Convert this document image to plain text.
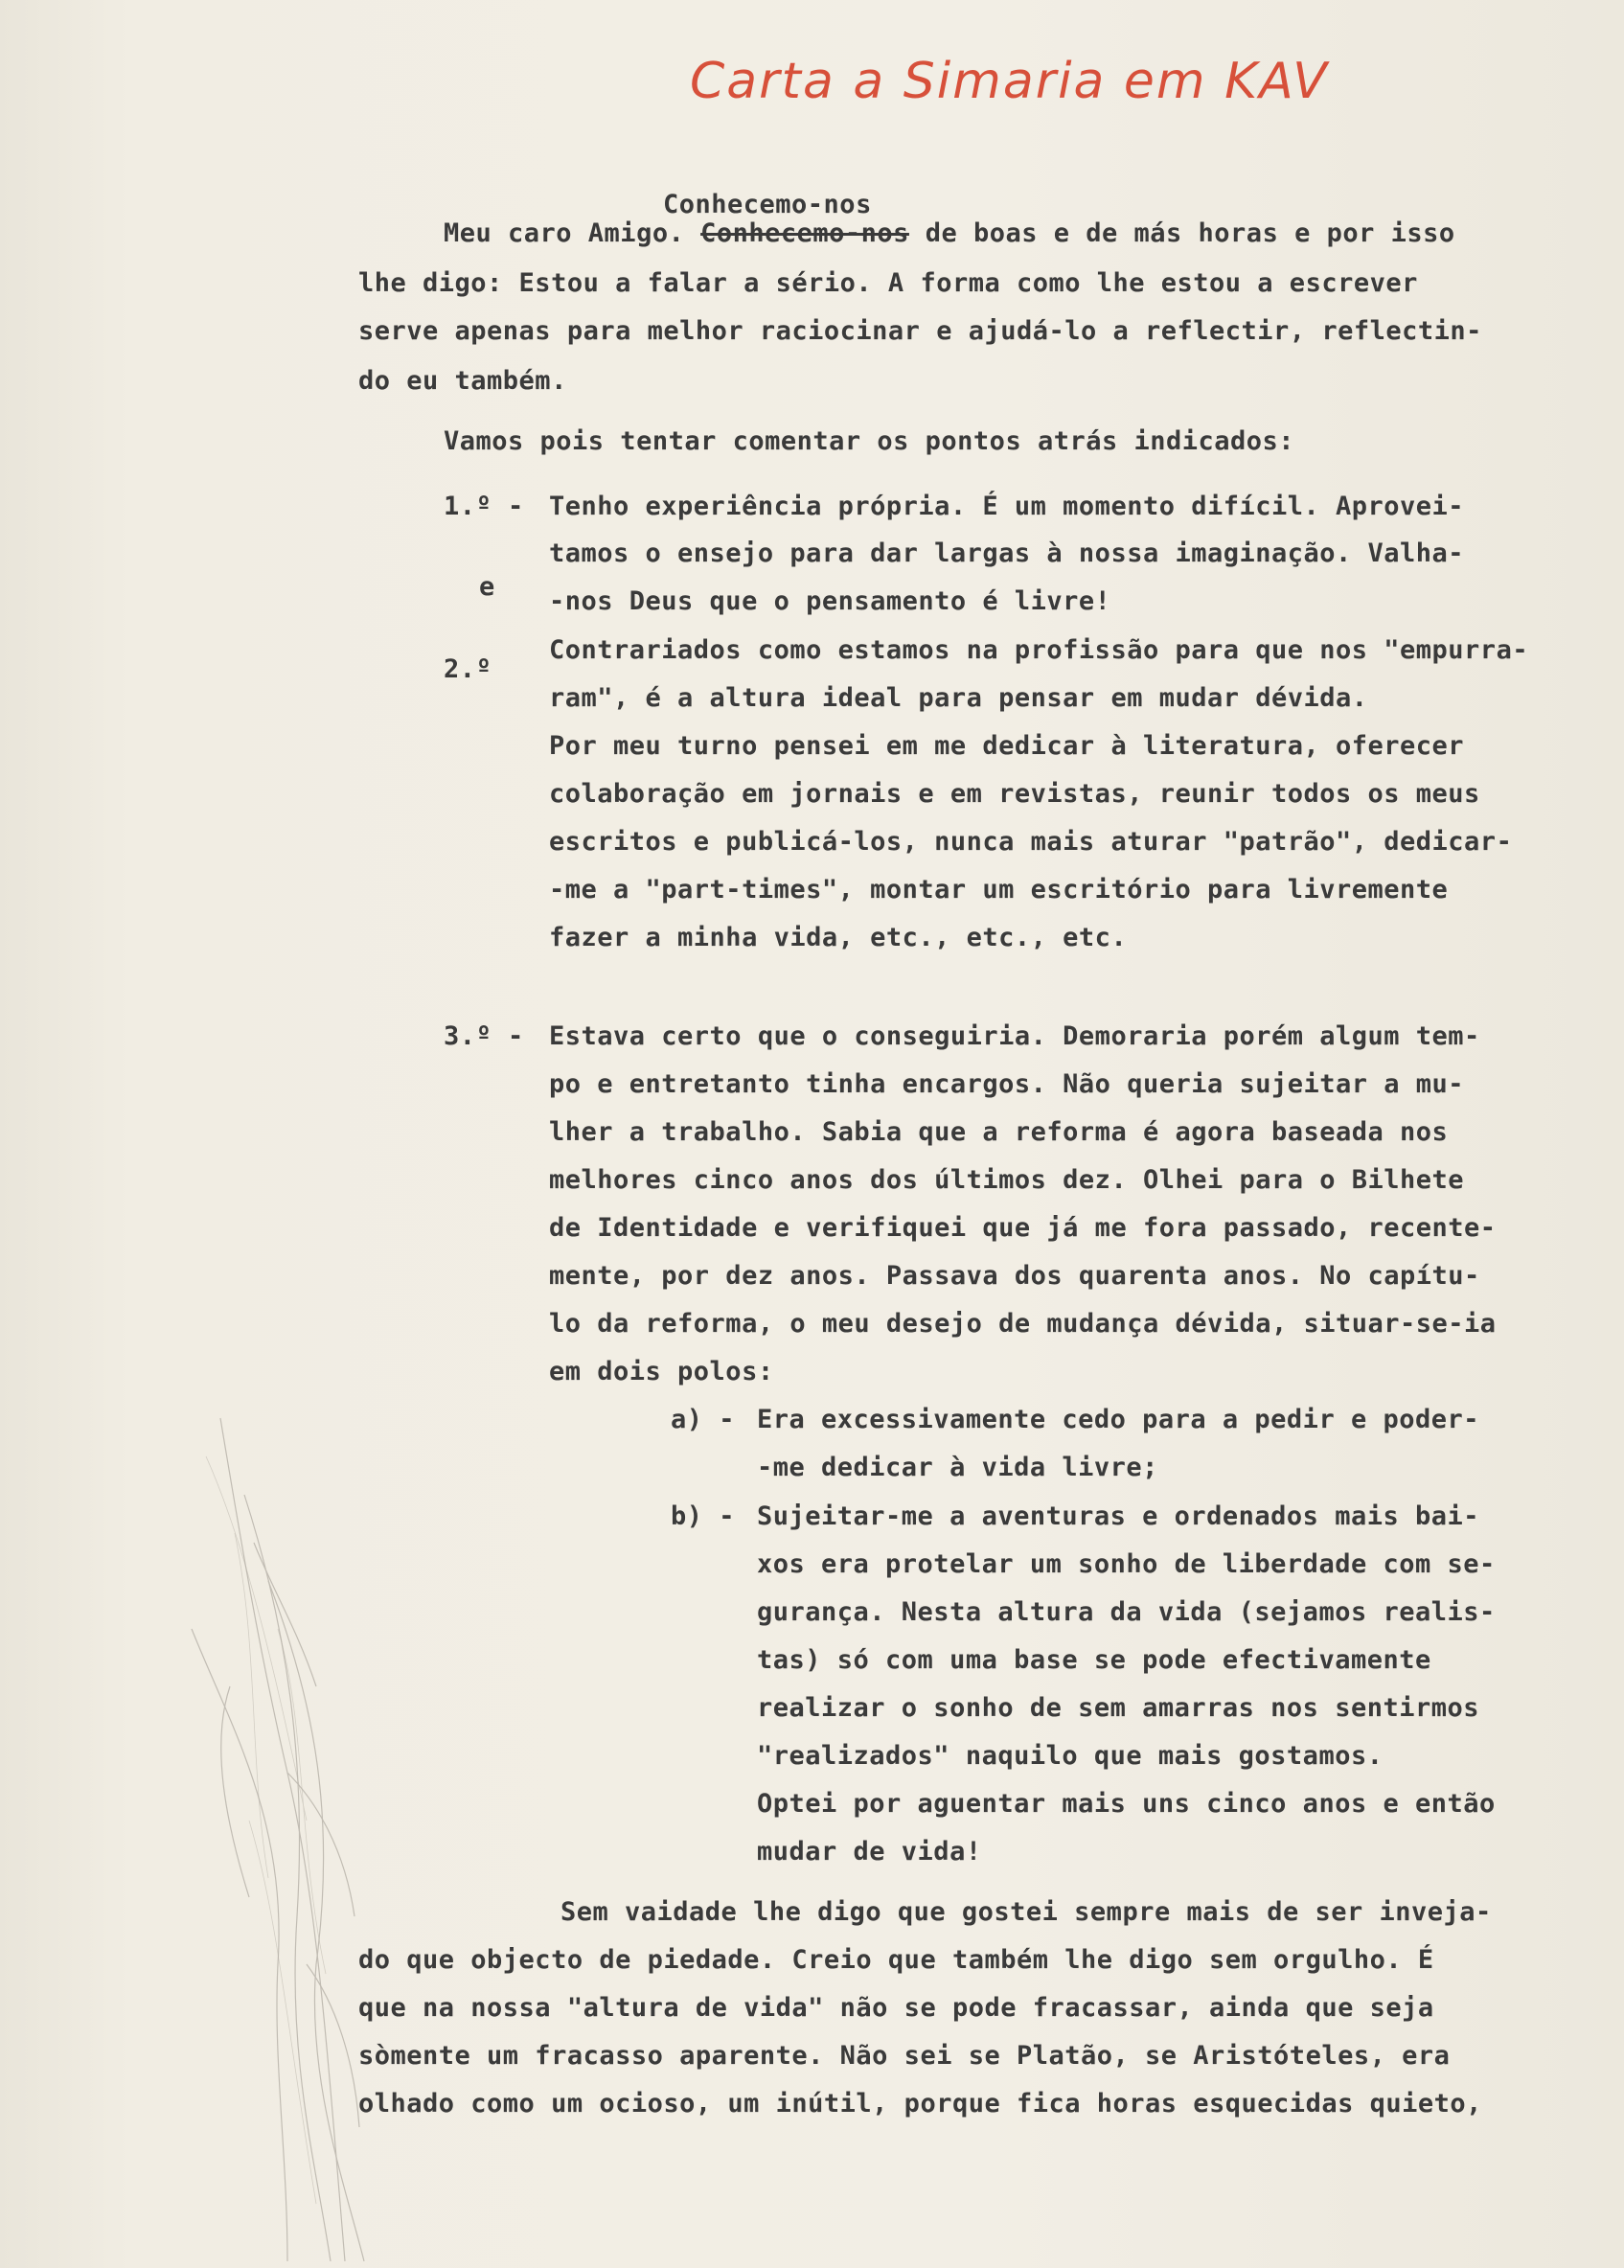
Carta a Simaria em KAV
Conhecemo-nos
Meu caro Amigo. Conhecemo-nos de boas e de más horas e por isso
lhe digo: Estou a falar a sério. A forma como lhe estou a escrever
serve apenas para melhor raciocinar e ajudá-lo a reflectir, reflectin-
do eu também.
Vamos pois tentar comentar os pontos atrás indicados:
1.º - Tenho experiência própria. É um momento difícil. Aprovei-
tamos o ensejo para dar largas à nossa imaginação. Valha-
e -nos Deus que o pensamento é livre!
Contrariados como estamos na profissão para que nos "empurra-
2.º
ram", é a altura ideal para pensar em mudar dévida.
Por meu turno pensei em me dedicar à literatura, oferecer
colaboração em jornais e em revistas, reunir todos os meus
escritos e publicá-los, nunca mais aturar "patrão", dedicar-
-me a "part-times", montar um escritório para livremente
fazer a minha vida, etc., etc., etc.
3.º - Estava certo que o conseguiria. Demoraria porém algum tem-
po e entretanto tinha encargos. Não queria sujeitar a mu-
lher a trabalho. Sabia que a reforma é agora baseada nos
melhores cinco anos dos últimos dez. Olhei para o Bilhete
de Identidade e verifiquei que já me fora passado, recente-
mente, por dez anos. Passava dos quarenta anos. No capítu-
lo da reforma, o meu desejo de mudança dévida, situar-se-ia
em dois polos:
a) - Era excessivamente cedo para a pedir e poder-
-me dedicar à vida livre;
b) - Sujeitar-me a aventuras e ordenados mais bai-
xos era protelar um sonho de liberdade com se-
gurança. Nesta altura da vida (sejamos realis-
tas) só com uma base se pode efectivamente
realizar o sonho de sem amarras nos sentirmos
"realizados" naquilo que mais gostamos.
Optei por aguentar mais uns cinco anos e então
mudar de vida!
Sem vaidade lhe digo que gostei sempre mais de ser inveja-
do que objecto de piedade. Creio que também lhe digo sem orgulho. É
que na nossa "altura de vida" não se pode fracassar, ainda que seja
sòmente um fracasso aparente. Não sei se Platão, se Aristóteles, era
olhado como um ocioso, um inútil, porque fica horas esquecidas quieto,
